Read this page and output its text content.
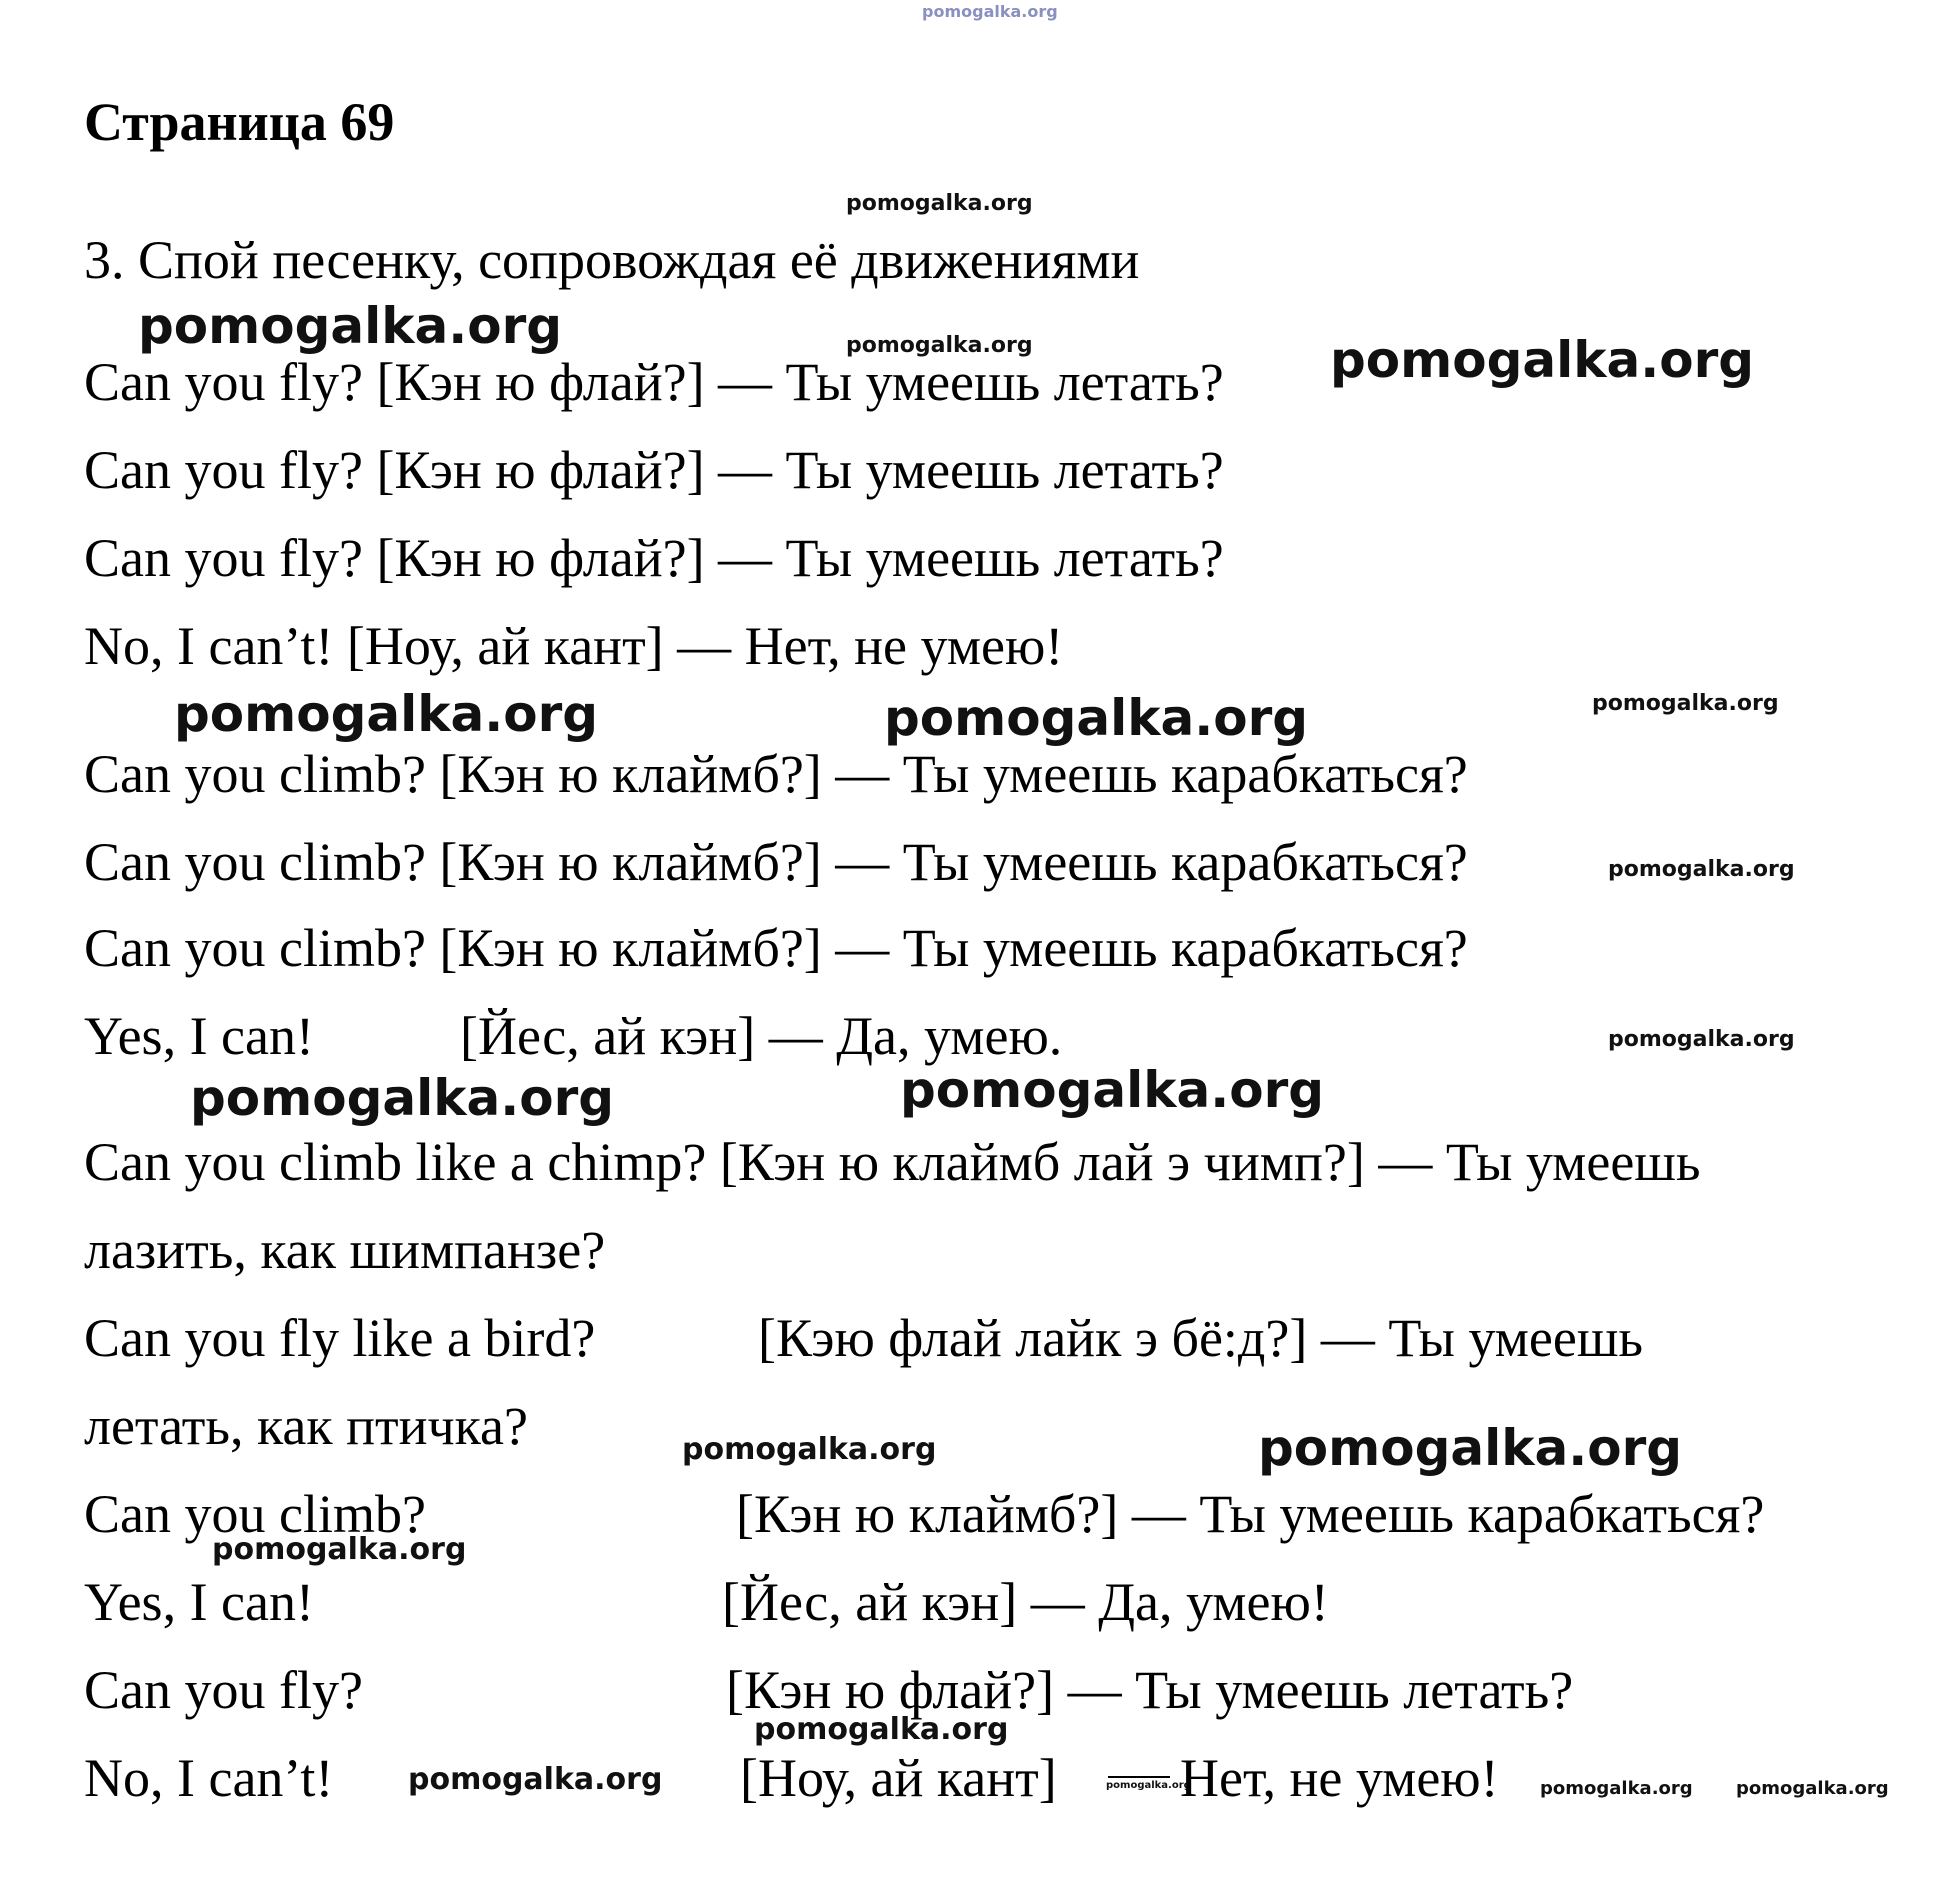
pomogalka.org
Страница 69
pomogalka.org
3. Спой песенку, сопровождая её движениями
pomogalka.org	pomogalka.org	pomogalka.org
Can you fly? [Кэн ю флай?] — Ты умеешь летать?
Can you fly? [Кэн ю флай?] — Ты умеешь летать?
Can you fly? [Кэн ю флай?] — Ты умеешь летать?
No, I can’t! [Ноу, ай кант] — Нет, не умею!
pomogalka.org	pomogalka.org	pomogalka.org
Can you climb? [Кэн ю клаймб?] — Ты умеешь карабкаться?
Can you climb? [Кэн ю клаймб?] — Ты умеешь карабкаться?	pomogalka.org
Can you climb? [Кэн ю клаймб?] — Ты умеешь карабкаться?
Yes, I can!	[Йес, ай кэн] — Да, умею.	pomogalka.org
pomogalka.org	pomogalka.org
Can you climb like a chimp? [Кэн ю клаймб лай э чимп?] — Ты умеешь
лазить, как шимпанзе?
Can you fly like a bird?	[Кэю флай лайк э бё:д?] — Ты умеешь
летать, как птичка?	pomogalka.org	pomogalka.org
Can you climb?	[Кэн ю клаймб?] — Ты умеешь карабкаться?
pomogalka.org
Yes, I can!	[Йес, ай кэн] — Да, умею!
Can you fly?	[Кэн ю флай?] — Ты умеешь летать?
pomogalka.org
No, I can’t! pomogalka.org [Ноу, ай кант]	pomogalka.org
Нет, не умею! pomogalka.org pomogalka.org
